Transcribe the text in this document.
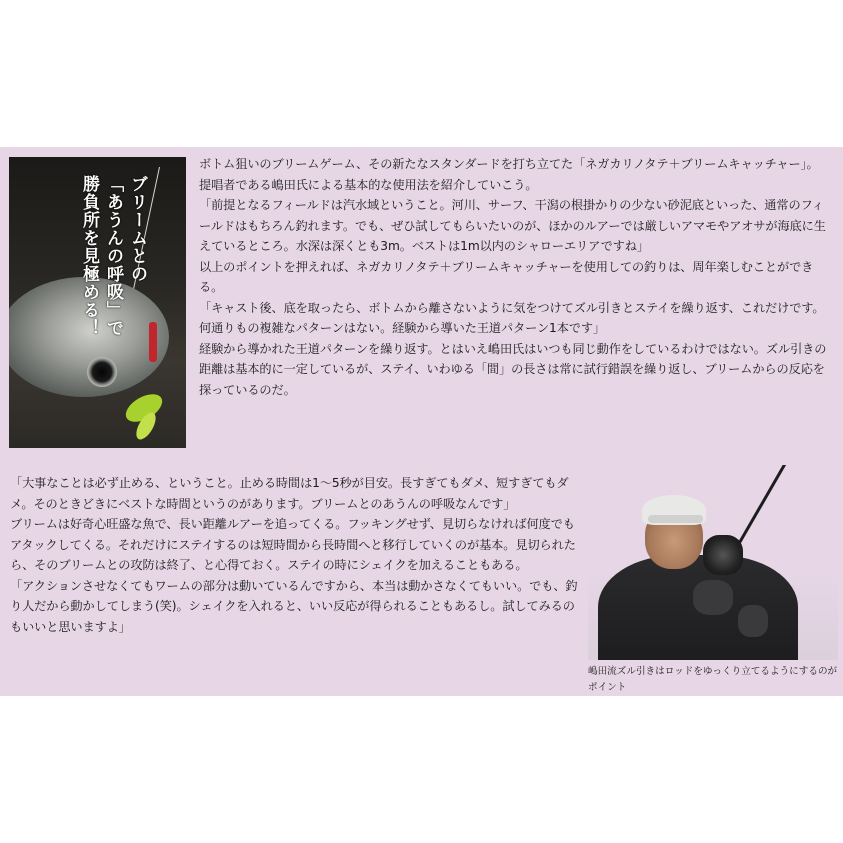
ブリームとの
「あうんの呼吸」で
勝負所を見極める！

ボトム狙いのブリームゲーム、その新たなスタンダードを打ち立てた「ネガカリノタテ＋ブリームキャッチャー」。

提唱者である嶋田氏による基本的な使用法を紹介していこう。

「前提となるフィールドは汽水域ということ。河川、サーフ、干潟の根掛かりの少ない砂泥底といった、通常のフィールドはもちろん釣れます。でも、ぜひ試してもらいたいのが、ほかのルアーでは厳しいアマモやアオサが海底に生えているところ。水深は深くとも3m。ベストは1m以内のシャローエリアですね」

以上のポイントを押えれば、ネガカリノタテ＋ブリームキャッチャーを使用しての釣りは、周年楽しむことができる。

「キャスト後、底を取ったら、ボトムから離さないように気をつけてズル引きとステイを繰り返す、これだけです。何通りもの複雑なパターンはない。経験から導いた王道パターン1本です」

経験から導かれた王道パターンを繰り返す。とはいえ嶋田氏はいつも同じ動作をしているわけではない。ズル引きの距離は基本的に一定しているが、ステイ、いわゆる「間」の長さは常に試行錯誤を繰り返し、ブリームからの反応を探っているのだ。

「大事なことは必ず止める、ということ。止める時間は1～5秒が目安。長すぎてもダメ、短すぎてもダメ。そのときどきにベストな時間というのがあります。ブリームとのあうんの呼吸なんです」

ブリームは好奇心旺盛な魚で、長い距離ルアーを追ってくる。フッキングせず、見切らなければ何度でもアタックしてくる。それだけにステイするのは短時間から長時間へと移行していくのが基本。見切られたら、そのブリームとの攻防は終了、と心得ておく。ステイの時にシェイクを加えることもある。

「アクションさせなくてもワームの部分は動いているんですから、本当は動かさなくてもいい。でも、釣り人だから動かしてしまう(笑)。シェイクを入れると、いい反応が得られることもあるし。試してみるのもいいと思いますよ」

嶋田流ズル引きはロッドをゆっくり立てるようにするのがポイント
